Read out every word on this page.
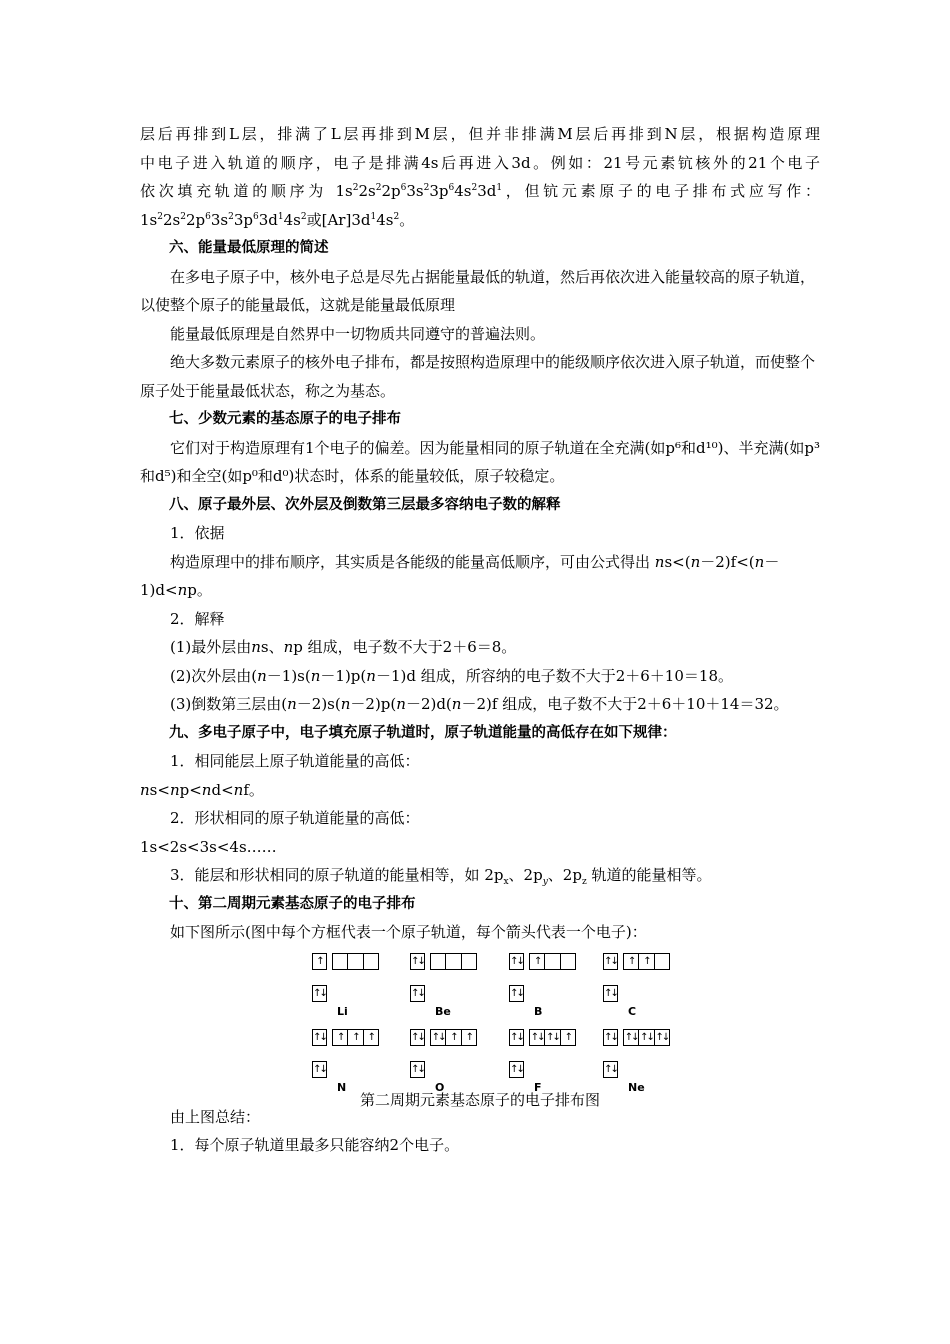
层后再排到L层，排满了L层再排到M层，但并非排满M层后再排到N层，根据构造原理

中电子进入轨道的顺序，电子是排满4s后再进入3d。例如：21号元素钪核外的21个电子

依次填充轨道的顺序为 $1s^22s^22p^63s^23p^64s^23d^1$，但钪元素原子的电子排布式应写作：

$1s^22s^22p^63s^23p^63d^14s^2$或$[Ar]3d^14s^2$。

六、能量最低原理的简述

在多电子原子中，核外电子总是尽先占据能量最低的轨道，然后再依次进入能量较高的原子轨道，以使整个原子的能量最低，这就是能量最低原理

能量最低原理是自然界中一切物质共同遵守的普遍法则。

绝大多数元素原子的核外电子排布，都是按照构造原理中的能级顺序依次进入原子轨道，而使整个原子处于能量最低状态，称之为基态。

七、少数元素的基态原子的电子排布

它们对于构造原理有1个电子的偏差。因为能量相同的原子轨道在全充满(如p⁶和d¹⁰)、半充满(如p³和d⁵)和全空(如p⁰和d⁰)状态时，体系的能量较低，原子较稳定。

八、原子最外层、次外层及倒数第三层最多容纳电子数的解释

1．依据

构造原理中的排布顺序，其实质是各能级的能量高低顺序，可由公式得出 ns<(n－2)f<(n－1)d<np。

2．解释

(1)最外层由ns、np 组成，电子数不大于2＋6＝8。

(2)次外层由(n－1)s(n－1)p(n－1)d 组成，所容纳的电子数不大于2＋6＋10＝18。

(3)倒数第三层由(n－2)s(n－2)p(n－2)d(n－2)f 组成，电子数不大于2＋6＋10＋14＝32。

九、多电子原子中，电子填充原子轨道时，原子轨道能量的高低存在如下规律：

1．相同能层上原子轨道能量的高低：

ns<np<nd<nf。

2．形状相同的原子轨道能量的高低：

1s<2s<3s<4s……

3．能层和形状相同的原子轨道的能量相等，如 $2p_x$、$2p_y$、$2p_z$ 轨道的能量相等。

十、第二周期元素基态原子的电子排布

如下图所示(图中每个方框代表一个原子轨道，每个箭头代表一个电子)：

↑
↑↓
Li
↑↓
↑↓
Be
↑↓	↑
↑↓
B
↑↓	↑ ↑
↑↓
C
↑↓	↑ ↑ ↑
↑↓
N
↑↓ ↑↓ ↑ ↑
↑↓
O
↑↓ ↑↓ ↑↓ ↑
↑↓
F
↑↓ ↑↓ ↑↓ ↑↓
↑↓
Ne
第二周期元素基态原子的电子排布图

由上图总结：

1．每个原子轨道里最多只能容纳2个电子。
